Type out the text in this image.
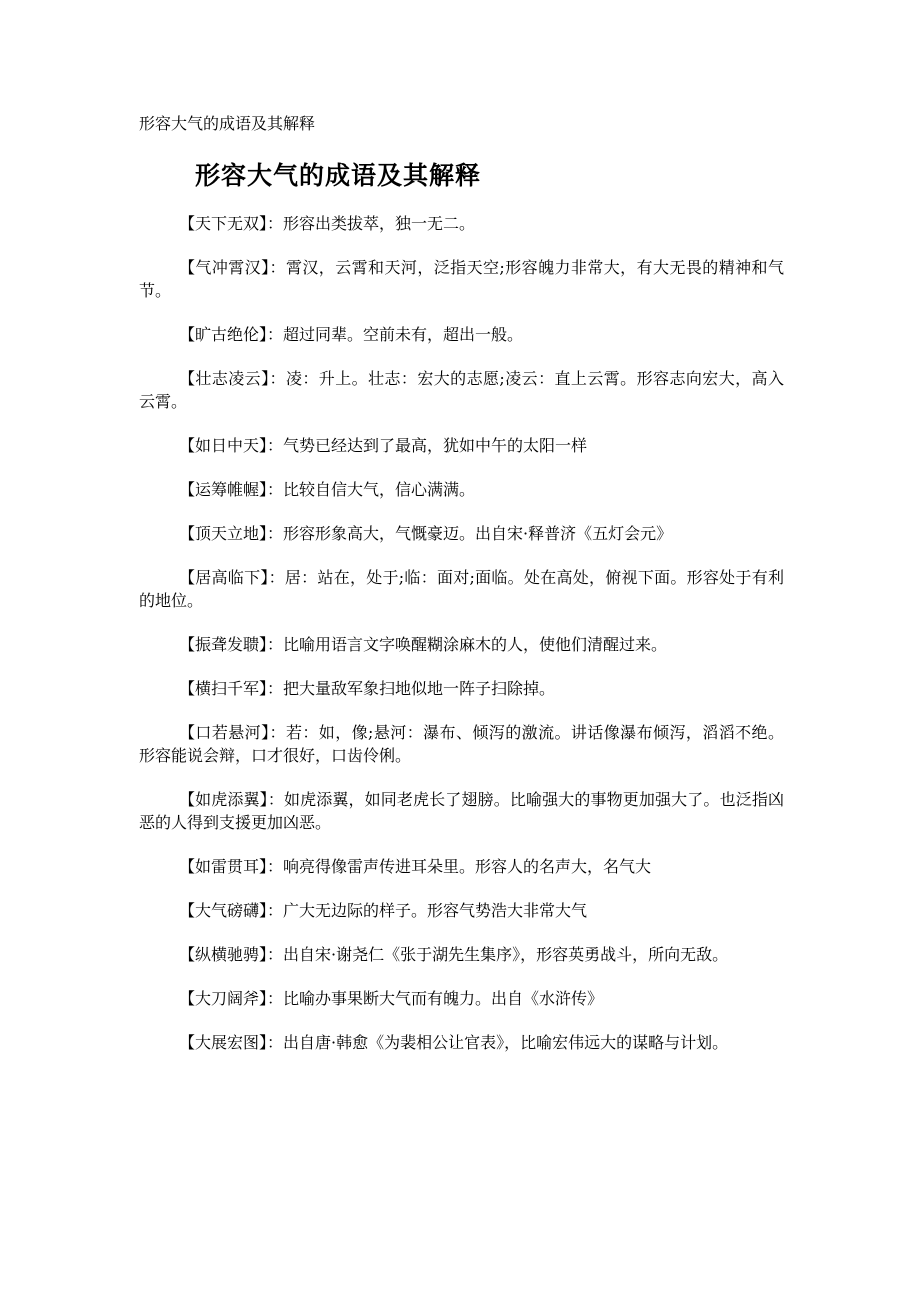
形容大气的成语及其解释
形容大气的成语及其解释
【天下无双】：形容出类拔萃，独一无二。
【气冲霄汉】：霄汉，云霄和天河，泛指天空;形容魄力非常大，有大无畏的精神和气节。
【旷古绝伦】：超过同辈。空前未有，超出一般。
【壮志凌云】：凌：升上。壮志：宏大的志愿;凌云：直上云霄。形容志向宏大，高入云霄。
【如日中天】：气势已经达到了最高，犹如中午的太阳一样
【运筹帷幄】：比较自信大气，信心满满。
【顶天立地】：形容形象高大，气慨豪迈。出自宋·释普济《五灯会元》
【居高临下】：居：站在，处于;临：面对;面临。处在高处，俯视下面。形容处于有利的地位。
【振聋发聩】：比喻用语言文字唤醒糊涂麻木的人，使他们清醒过来。
【横扫千军】：把大量敌军象扫地似地一阵子扫除掉。
【口若悬河】：若：如，像;悬河：瀑布、倾泻的激流。讲话像瀑布倾泻，滔滔不绝。形容能说会辩，口才很好，口齿伶俐。
【如虎添翼】：如虎添翼，如同老虎长了翅膀。比喻强大的事物更加强大了。也泛指凶恶的人得到支援更加凶恶。
【如雷贯耳】：响亮得像雷声传进耳朵里。形容人的名声大，名气大
【大气磅礴】：广大无边际的样子。形容气势浩大非常大气
【纵横驰骋】：出自宋·谢尧仁《张于湖先生集序》，形容英勇战斗，所向无敌。
【大刀阔斧】：比喻办事果断大气而有魄力。出自《水浒传》
【大展宏图】：出自唐·韩愈《为裴相公让官表》，比喻宏伟远大的谋略与计划。
